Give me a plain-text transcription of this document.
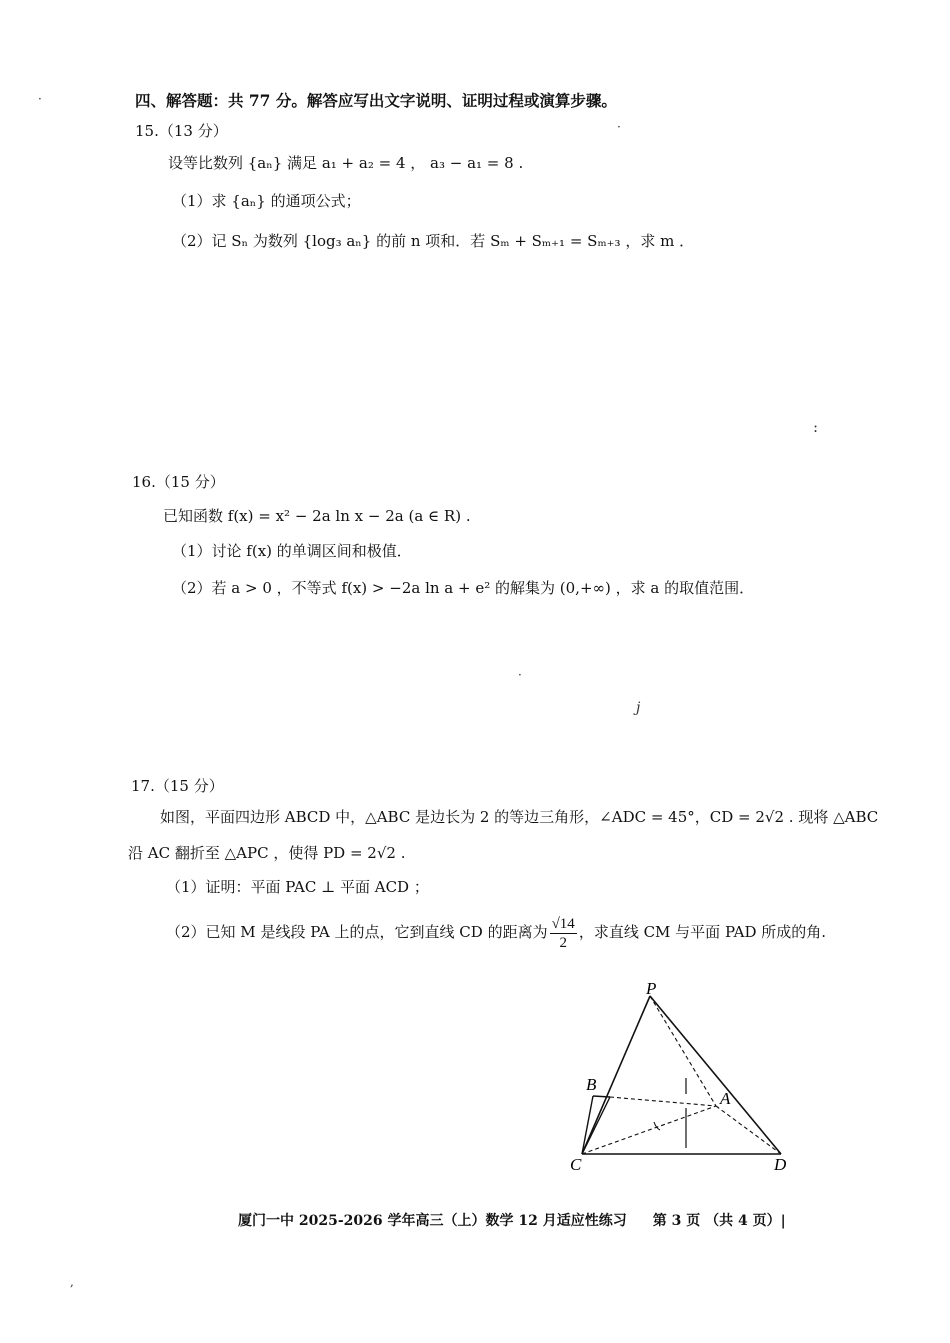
四、解答题：共 77 分。解答应写出文字说明、证明过程或演算步骤。
15.（13 分）
设等比数列 {aₙ} 满足 a₁ + a₂ = 4 ， a₃ − a₁ = 8 .
（1）求 {aₙ} 的通项公式；
（2）记 Sₙ 为数列 {log₃ aₙ} 的前 n 项和．若 Sₘ + Sₘ₊₁ = Sₘ₊₃ ，求 m ．
16.（15 分）
已知函数 f(x) = x² − 2a ln x − 2a (a ∈ R) .
（1）讨论 f(x) 的单调区间和极值．
（2）若 a > 0 ，不等式 f(x) > −2a ln a + e² 的解集为 (0,+∞) ，求 a 的取值范围．
17.（15 分）
如图，平面四边形 ABCD 中，△ABC 是边长为 2 的等边三角形，∠ADC = 45°，CD = 2√2 . 现将 △ABC
沿 AC 翻折至 △APC ，使得 PD = 2√2 .
（1）证明：平面 PAC ⊥ 平面 ACD ；
（2）已知 M 是线段 PA 上的点，它到直线 CD 的距离为 $\frac{√14}{2}$ ，求直线 CM 与平面 PAD 所成的角.
P
B
A
C	D
厦门一中 2025-2026 学年高三（上）数学 12 月适应性练习 第 3 页 （共 4 页）|
·
·
:
·
j
,
